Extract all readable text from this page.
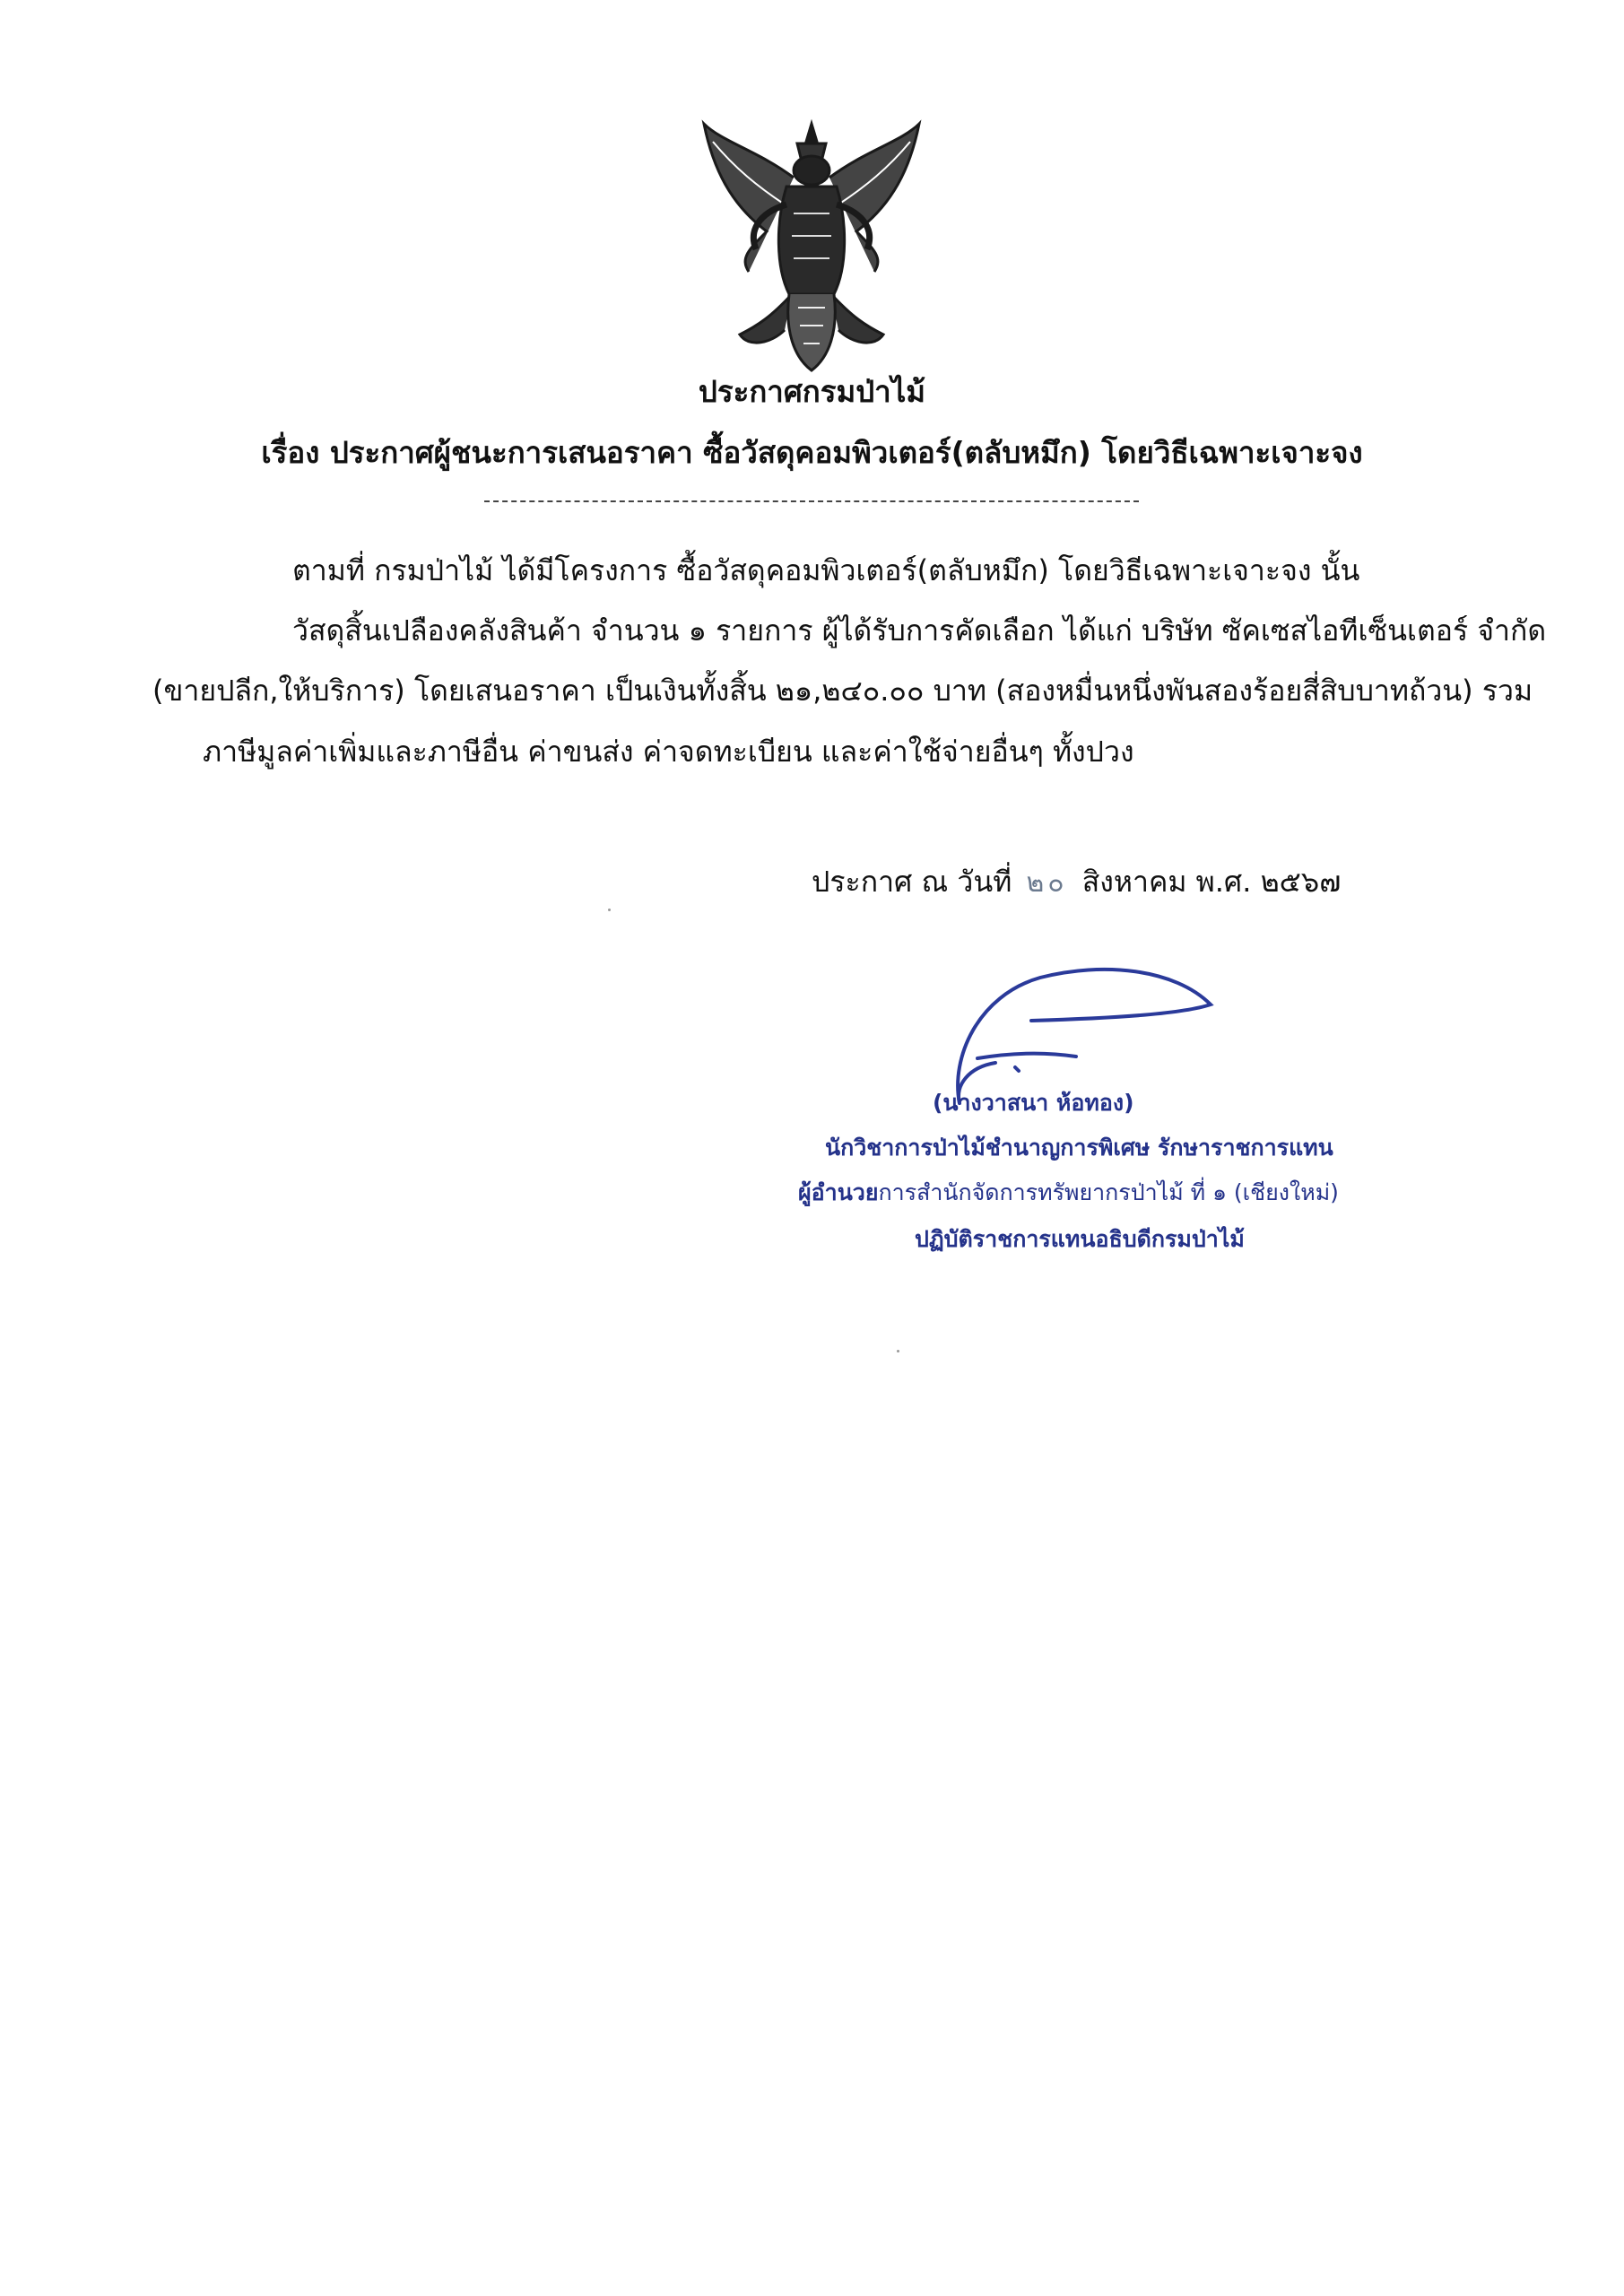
ประกาศกรมป่าไม้
เรื่อง ประกาศผู้ชนะการเสนอราคา ซื้อวัสดุคอมพิวเตอร์(ตลับหมึก) โดยวิธีเฉพาะเจาะจง
ตามที่ กรมป่าไม้ ได้มีโครงการ ซื้อวัสดุคอมพิวเตอร์(ตลับหมึก) โดยวิธีเฉพาะเจาะจง นั้น
วัสดุสิ้นเปลืองคลังสินค้า จำนวน ๑ รายการ ผู้ได้รับการคัดเลือก ได้แก่ บริษัท ซัคเซสไอทีเซ็นเตอร์ จำกัด
(ขายปลีก,ให้บริการ) โดยเสนอราคา เป็นเงินทั้งสิ้น ๒๑,๒๔๐.๐๐ บาท (สองหมื่นหนึ่งพันสองร้อยสี่สิบบาทถ้วน) รวม
ภาษีมูลค่าเพิ่มและภาษีอื่น ค่าขนส่ง ค่าจดทะเบียน และค่าใช้จ่ายอื่นๆ ทั้งปวง
ประกาศ ณ วันที่ ๒๐ สิงหาคม พ.ศ. ๒๕๖๗
(นางวาสนา ห้อทอง)
นักวิชาการป่าไม้ชำนาญการพิเศษ รักษาราชการแทน
ผู้อำนวยการสำนักจัดการทรัพยากรป่าไม้ ที่ ๑ (เชียงใหม่)
ปฏิบัติราชการแทนอธิบดีกรมป่าไม้
